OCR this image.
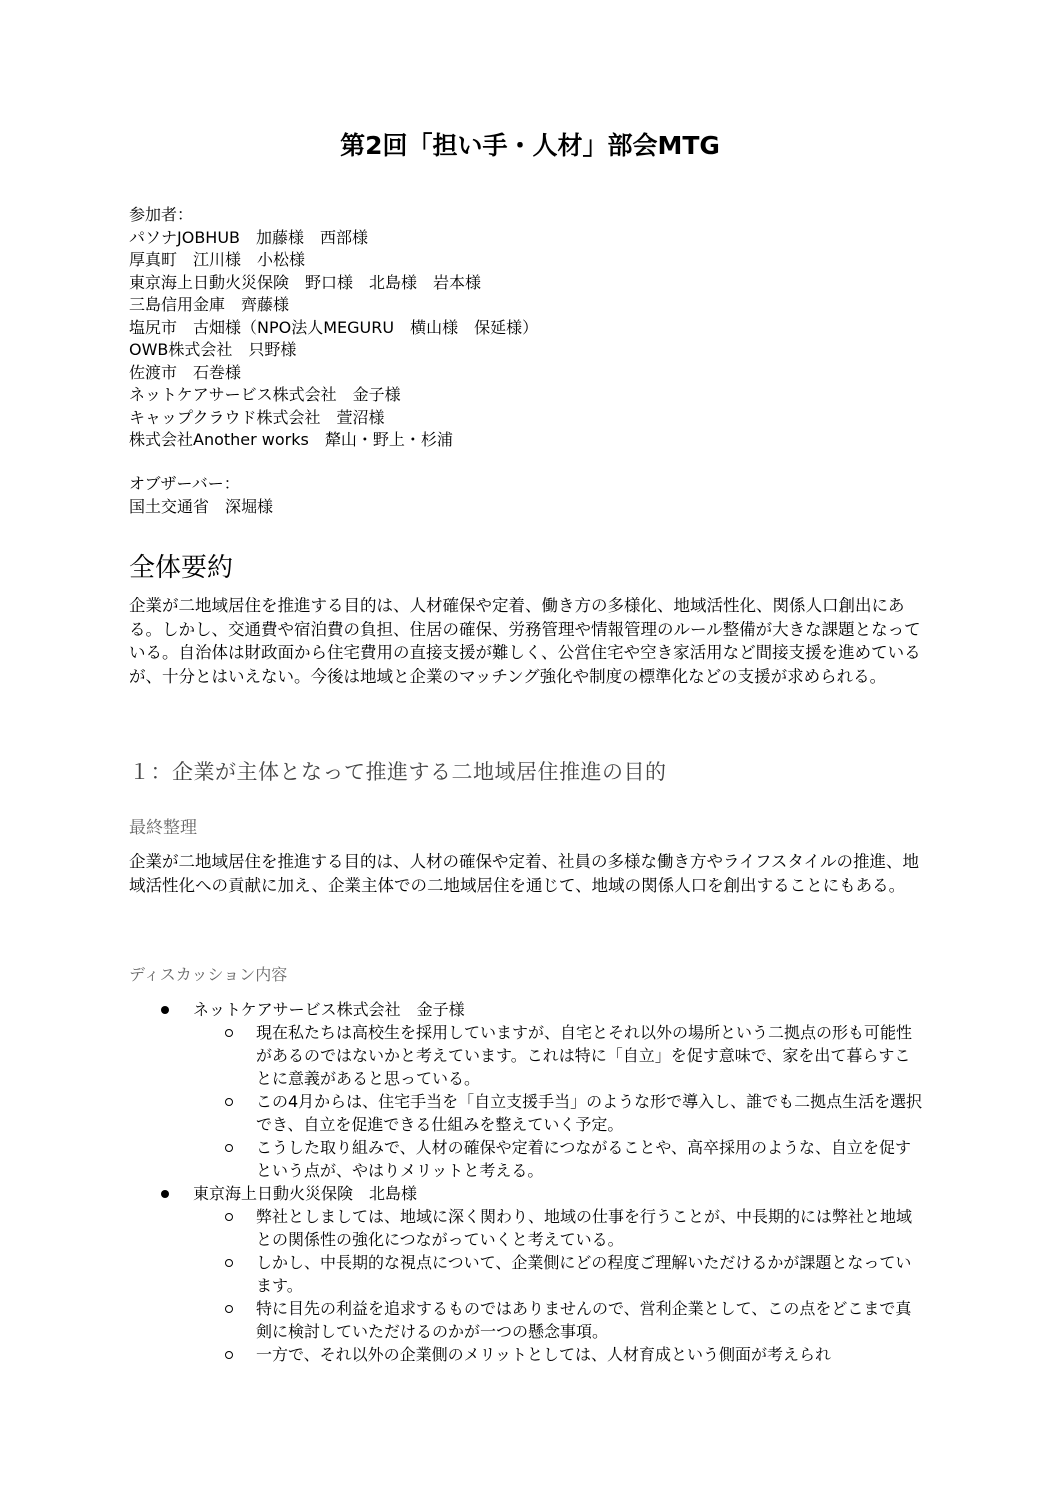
第2回「担い手・人材」部会MTG
参加者：
パソナJOBHUB　加藤様　西部様
厚真町　江川様　小松様
東京海上日動火災保険　野口様　北島様　岩本様
三島信用金庫　齊藤様
塩尻市　古畑様（NPO法人MEGURU　横山様　保延様）
OWB株式会社　只野様
佐渡市　石巻様
ネットケアサービス株式会社　金子様
キャップクラウド株式会社　萱沼様
株式会社Another works　犛山・野上・杉浦
オブザーバー：
国土交通省　深堀様
全体要約

企業が二地域居住を推進する目的は、人材確保や定着、働き方の多様化、地域活性化、関係人口創出にある。しかし、交通費や宿泊費の負担、住居の確保、労務管理や情報管理のルール整備が大きな課題となっている。自治体は財政面から住宅費用の直接支援が難しく、公営住宅や空き家活用など間接支援を進めているが、十分とはいえない。今後は地域と企業のマッチング強化や制度の標準化などの支援が求められる。

１：企業が主体となって推進する二地域居住推進の目的
最終整理

企業が二地域居住を推進する目的は、人材の確保や定着、社員の多様な働き方やライフスタイルの推進、地域活性化への貢献に加え、企業主体での二地域居住を通じて、地域の関係人口を創出することにもある。

ディスカッション内容
ネットケアサービス株式会社　金子様
現在私たちは高校生を採用していますが、自宅とそれ以外の場所という二拠点の形も可能性があるのではないかと考えています。これは特に「自立」を促す意味で、家を出て暮らすことに意義があると思っている。
この4月からは、住宅手当を「自立支援手当」のような形で導入し、誰でも二拠点生活を選択でき、自立を促進できる仕組みを整えていく予定。
こうした取り組みで、人材の確保や定着につながることや、高卒採用のような、自立を促すという点が、やはりメリットと考える。
東京海上日動火災保険　北島様
弊社としましては、地域に深く関わり、地域の仕事を行うことが、中長期的には弊社と地域との関係性の強化につながっていくと考えている。
しかし、中長期的な視点について、企業側にどの程度ご理解いただけるかが課題となっています。
特に目先の利益を追求するものではありませんので、営利企業として、この点をどこまで真剣に検討していただけるのかが一つの懸念事項。
一方で、それ以外の企業側のメリットとしては、人材育成という側面が考えられ
